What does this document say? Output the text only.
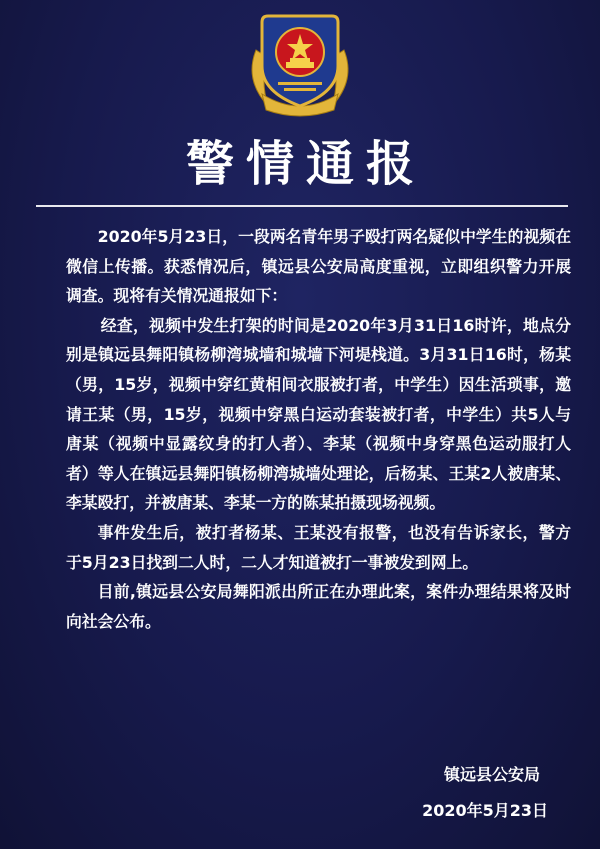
警情通报

2020年5月23日，一段两名青年男子殴打两名疑似中学生的视频在微信上传播。获悉情况后，镇远县公安局高度重视，立即组织警力开展调查。现将有关情况通报如下：

经查，视频中发生打架的时间是2020年3月31日16时许，地点分别是镇远县舞阳镇杨柳湾城墙和城墙下河堤栈道。3月31日16时，杨某（男，15岁，视频中穿红黄相间衣服被打者，中学生）因生活琐事，邀请王某（男，15岁，视频中穿黑白运动套装被打者，中学生）共5人与唐某（视频中显露纹身的打人者）、李某（视频中身穿黑色运动服打人者）等人在镇远县舞阳镇杨柳湾城墙处理论，后杨某、王某2人被唐某、李某殴打，并被唐某、李某一方的陈某拍摄现场视频。

事件发生后，被打者杨某、王某没有报警，也没有告诉家长，警方于5月23日找到二人时，二人才知道被打一事被发到网上。

目前,镇远县公安局舞阳派出所正在办理此案，案件办理结果将及时向社会公布。

镇远县公安局
2020年5月23日
